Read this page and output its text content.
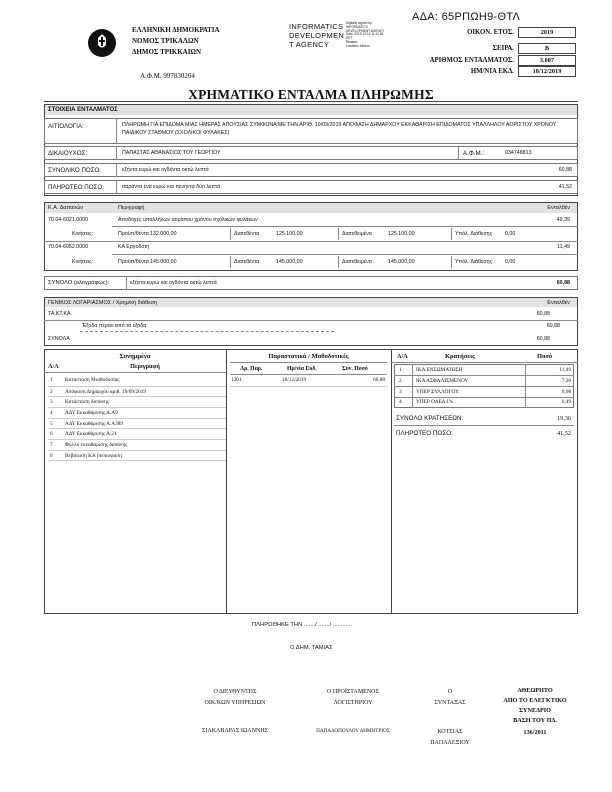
ΕΛΛΗΝΙΚΗ ΔΗΜΟΚΡΑΤΙΑ
ΝΟΜΟΣ ΤΡΙΚΑΛΩΝ
ΔΗΜΟΣ ΤΡΙΚΚΑΙΩΝ
Α.Φ.Μ. 997830264
INFORMATICS
DEVELOPMEN
T AGENCY
Digitally signed by
INFORMATICS
DEVELOPMENT AGENCY
Date: 2019.12.19 11:11:36
EET
Reason:
Location: Athens
ΑΔΑ: 65ΡΠΩΗ9-ΘΤΛ
ΟΙΚΟΝ. ΕΤΟΣ.	2019
ΣΕΙΡΑ.	Β
ΑΡΙΘΜΟΣ ΕΝΤΑΛΜΑΤΟΣ.	3.087
ΗΜ/ΝΙΑ ΕΚΔ.	18/12/2019
ΧΡΗΜΑΤΙΚΟ ΕΝΤΑΛΜΑ ΠΛΗΡΩΜΗΣ
ΣΤΟΙΧΕΙΑ ΕΝΤΑΛΜΑΤΟΣ
ΑΙΤΙΟΛΟΓΙΑ:	ΠΛΗΡΩΜΗ ΓΙΑ ΕΠΙΔΟΜΑ ΜΙΑΣ ΗΜΕΡΑΣ ΑΠΟΥΣΙΑΣ ΣΥΜΦΩΝΑ ΜΕ ΤΗΝ ΑΡΙΘ. 19/09/2019 ΑΠΟΦΑΣΗ ΔΗΜΑΡΧΟΥ ΕΚΚΑΘΑΡΙΣΗ ΕΠΙΔΟΜΑΤΟΣ ΥΠΑΛΛΗΛΟΥ ΑΟΡΙΣΤΟΥ ΧΡΟΝΟΥ ΠΑΙΔΙΚΟΥ ΣΤΑΘΜΟΥ (ΣΧΟΛΙΚΟΙ ΦΥΛΑΚΕΣ)
ΔΙΚΑΙΟΥΧΟΣ:	ΠΑΠΑΣΤΑΣ ΑΘΑΝΑΣΙΟΣ ΤΟΥ ΓΕΩΡΓΙΟΥ	Α.Φ.Μ.:	034748813
ΣΥΝΟΛΙΚΟ ΠΟΣΟ:	εξήντα ευρώ και ογδόντα οκτώ λεπτά	60,88
ΠΛΗΡΩΤΕΟ ΠΟΣΟ:	σαράντα ένα ευρώ και πενήντα δύο λεπτά	41,52
Κ.Α. Δαπανών	Περιγραφή	Ενταλθέν
70.04-6021.0000	Αποδοχές υπαλλήλων αορίστου χρόνου σχολικών φυλάκων	49,39
Κινήσεις:	Προϋπ/θέντα 132.000,00	Διατεθέντα	125.100,00	Διατεθειμένα	125.100,00	Υπόλ. Διάθεσης 0,00
70.04-6052.0000	ΚΑ Εργοδότη	11,49
Κινήσεις:	Προϋπ/θέντα 145.000,00	Διατεθέντα	145.000,00	Διατεθειμένα	145.000,00	Υπόλ. Διάθεσης 0,00
ΣΥΝΟΛΟ (ολογράφως):	εξήντα ευρώ και ογδόντα οκτώ λεπτά	60,88
ΓΕΝΙΚΟΣ ΛΟΓΑΡΙΑΣΜΟΣ / Χρημ/κή διάθεση	Ενταλθέν
ΤΑ.ΚΤ.ΚΑ.	60,88
Έξοδα πέραν από τα εξοδα	60,88
ΣΥΝΟΛΑ	60,88
Συνημμένα
Α/Α	Περιγραφή
1 Κατάσταση Μισθοδοσίας
2 Απόφαση Δημάρχου αριθ. 19/09/2019
3 Κατάσταση δαπάνης
4 ΑΔΥ Εκκαθάρισης Α.Α9
5 ΑΔΥ Εκκαθάρισης Α.Α389
6 ΑΔΥ Εκκαθάρισης Α.21
7 Φύλλο εκκαθάρισης δαπάνης
8 Βεβαίωση ΚΑ (πεπίσφαση
Παραστατικά / Μαθοδοτικές
Αρ. Παρ.	Ημ/νία Εκδ.	Συν. Ποσό
1301	18/12/2019	60,88
Α/Α	Κρατήσεις	Ποσό
1	ΙΚΑ ΕΝΣΩΜΑΤΩΣΗ	11,49
2	ΙΚΑ ΑΣΦΑΛΙΣΜΕΝΟΥ	7,30
3	ΥΠΕΡ ΣΥΛΛΟΓΟΥ	0,08
4	ΥΠΕΡ ΟΑΕΔ 1%	0,49
ΣΥΝΟΛΟ ΚΡΑΤΗΣΕΩΝ:	19,36
ΠΛΗΡΩΤΕΟ ΠΟΣΟ:	41,52
ΠΛΗΡΩΘΗΚΕ ΤΗΝ ......./ ......./ ............
Ο ΔΗΜ. ΤΑΜΙΑΣ
Ο ΔΙΕΥΘΥΝΤΗΣ
ΟΙΚ/ΚΩΝ ΥΠΗΡΕΣΙΩΝ
ΣΙΑΚΑΒΑΡΑΣ ΙΩΑΝΝΗΣ
Ο ΠΡΟΪΣΤΑΜΕΝΟΣ
ΛΟΓΙΣΤΗΡΙΟΥ
ΠΑΠΑΔΟΠΟΥΛΟΥ ΔΗΜΗΤΡΙΟΣ
Ο
ΣΥΝΤΑΞΑΣ
ΚΟΤΣΙΑΣ
ΠΑΠΑΛΕΞΙΟΥ
ΑΘΕΩΡΗΤΟ
ΑΠΟ ΤΟ ΕΛΕΓΚΤΙΚΟ
ΣΥΝΕΔΡΙΟ
ΒΑΣΗ ΤΟΥ ΠΔ.
136/2011
